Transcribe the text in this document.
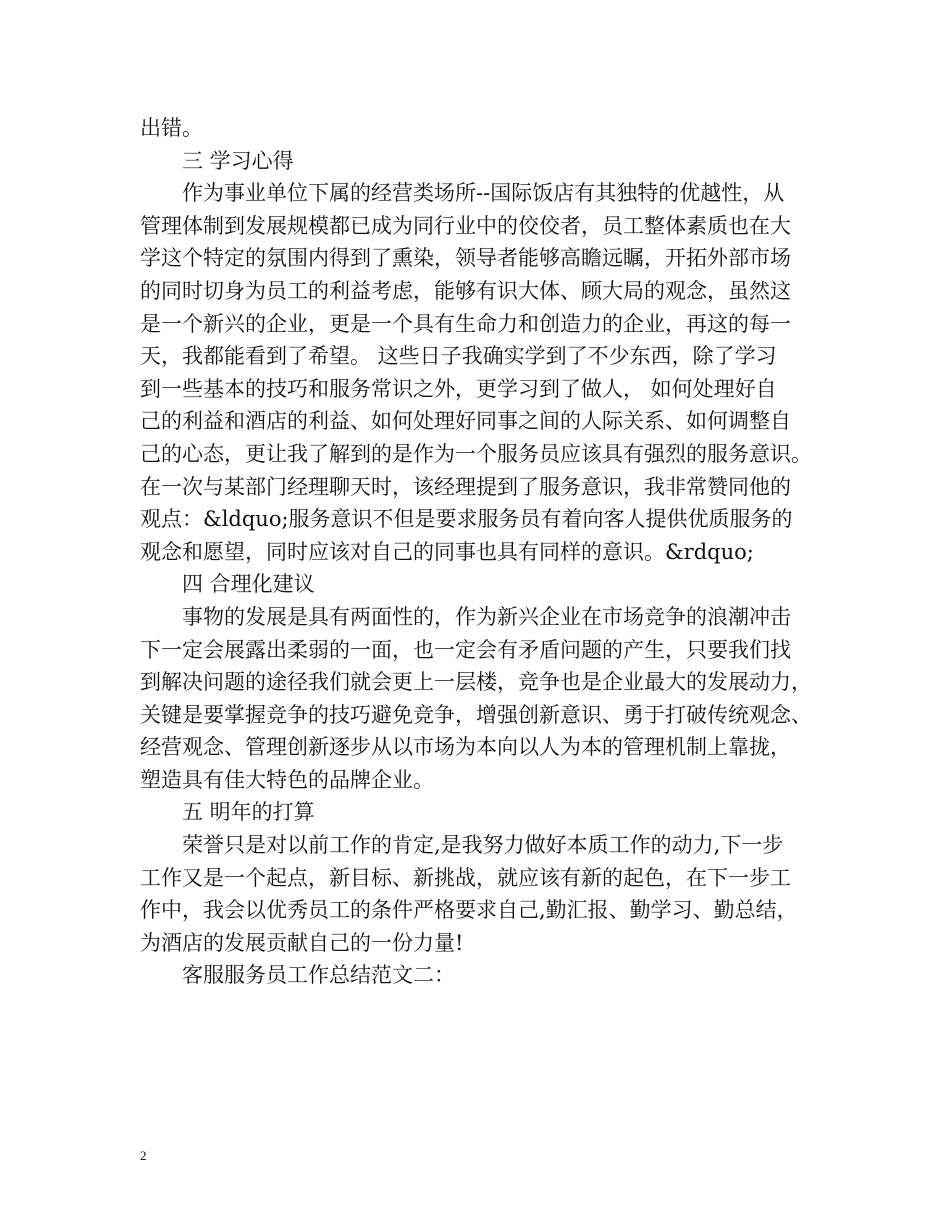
出错。
三 学习心得
作为事业单位下属的经营类场所--国际饭店有其独特的优越性，从
管理体制到发展规模都已成为同行业中的佼佼者，员工整体素质也在大
学这个特定的氛围内得到了熏染，领导者能够高瞻远瞩，开拓外部市场
的同时切身为员工的利益考虑，能够有识大体、顾大局的观念，虽然这
是一个新兴的企业，更是一个具有生命力和创造力的企业，再这的每一
天，我都能看到了希望。 这些日子我确实学到了不少东西，除了学习
到一些基本的技巧和服务常识之外，更学习到了做人， 如何处理好自
己的利益和酒店的利益、如何处理好同事之间的人际关系、如何调整自
己的心态，更让我了解到的是作为一个服务员应该具有强烈的服务意识。
在一次与某部门经理聊天时，该经理提到了服务意识，我非常赞同他的
观点：&ldquo;服务意识不但是要求服务员有着向客人提供优质服务的
观念和愿望，同时应该对自己的同事也具有同样的意识。&rdquo;
四 合理化建议
事物的发展是具有两面性的，作为新兴企业在市场竞争的浪潮冲击
下一定会展露出柔弱的一面，也一定会有矛盾问题的产生，只要我们找
到解决问题的途径我们就会更上一层楼，竞争也是企业最大的发展动力，
关键是要掌握竞争的技巧避免竞争，增强创新意识、勇于打破传统观念、
经营观念、管理创新逐步从以市场为本向以人为本的管理机制上靠拢，
塑造具有佳大特色的品牌企业。
五 明年的打算
荣誉只是对以前工作的肯定,是我努力做好本质工作的动力,下一步
工作又是一个起点，新目标、新挑战，就应该有新的起色，在下一步工
作中，我会以优秀员工的条件严格要求自己,勤汇报、勤学习、勤总结，
为酒店的发展贡献自己的一份力量!
客服服务员工作总结范文二：
2
